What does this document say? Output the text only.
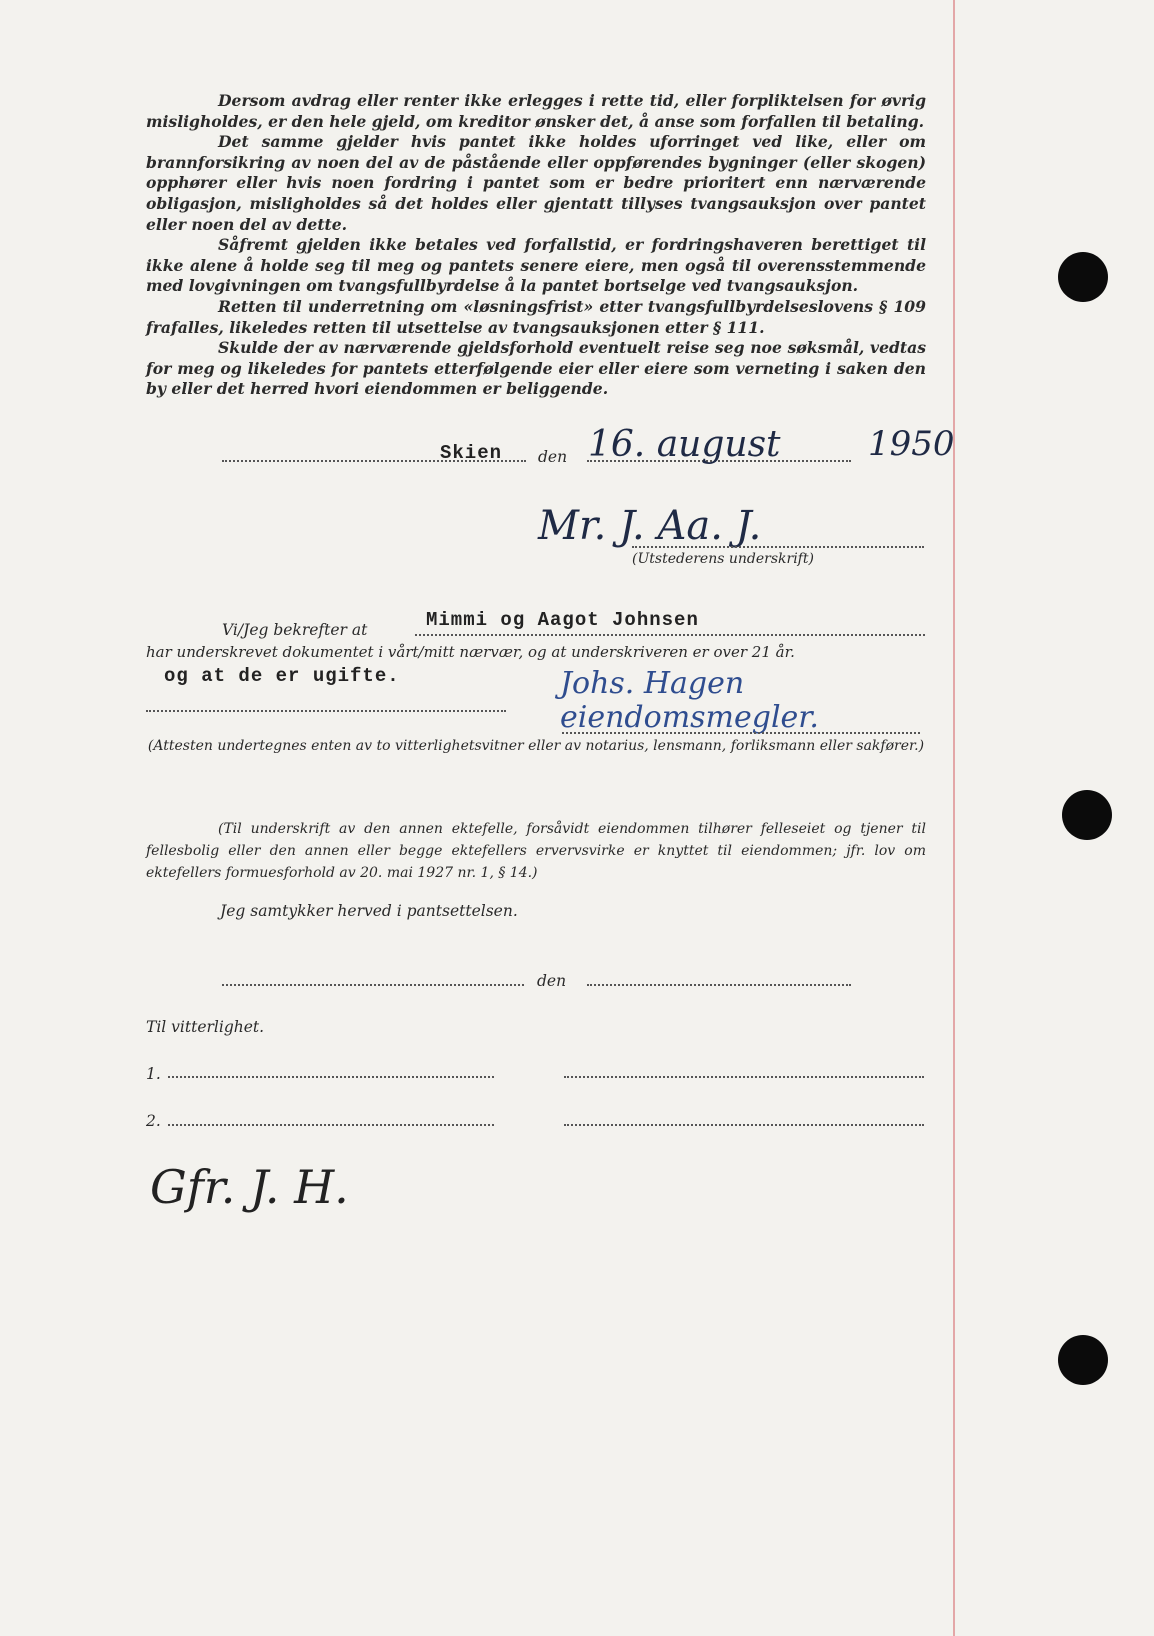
Dersom avdrag eller renter ikke erlegges i rette tid, eller forpliktelsen for øvrig misligholdes, er den hele gjeld, om kreditor ønsker det, å anse som forfallen til betaling.

Det samme gjelder hvis pantet ikke holdes uforringet ved like, eller om brannforsikring av noen del av de påstående eller oppførendes bygninger (eller skogen) opphører eller hvis noen fordring i pantet som er bedre prioritert enn nærværende obligasjon, misligholdes så det holdes eller gjentatt tillyses tvangsauksjon over pantet eller noen del av dette.

Såfremt gjelden ikke betales ved forfallstid, er fordringshaveren berettiget til ikke alene å holde seg til meg og pantets senere eiere, men også til overensstemmende med lovgivningen om tvangsfullbyrdelse å la pantet bortselge ved tvangsauksjon.

Retten til underretning om «løsningsfrist» etter tvangsfullbyrdelseslovens § 109 frafalles, likeledes retten til utsettelse av tvangsauksjonen etter § 111.

Skulde der av nærværende gjeldsforhold eventuelt reise seg noe søksmål, vedtas for meg og likeledes for pantets etterfølgende eier eller eiere som verneting i saken den by eller det herred hvori eiendommen er beliggende.

Skien den 16. august	1950
Mr. J. Aa. J.
(Utstederens underskrift)
Vi/Jeg bekrefter at	Mimmi og Aagot Johnsen
har underskrevet dokumentet i vårt/mitt nærvær, og at underskriveren er over 21 år.
og at de er ugifte.	Johs. Hagen
eiendomsmegler.
(Attesten undertegnes enten av to vitterlighetsvitner eller av notarius, lensmann, forliksmann eller sakfører.)
(Til underskrift av den annen ektefelle, forsåvidt eiendommen tilhører felleseiet og tjener til fellesbolig eller den annen eller begge ektefellers ervervsvirke er knyttet til eiendommen; jfr. lov om ektefellers formuesforhold av 20. mai 1927 nr. 1, § 14.)
Jeg samtykker herved i pantsettelsen.
den
Til vitterlighet.
1.
2.
Gfr. J. H.
